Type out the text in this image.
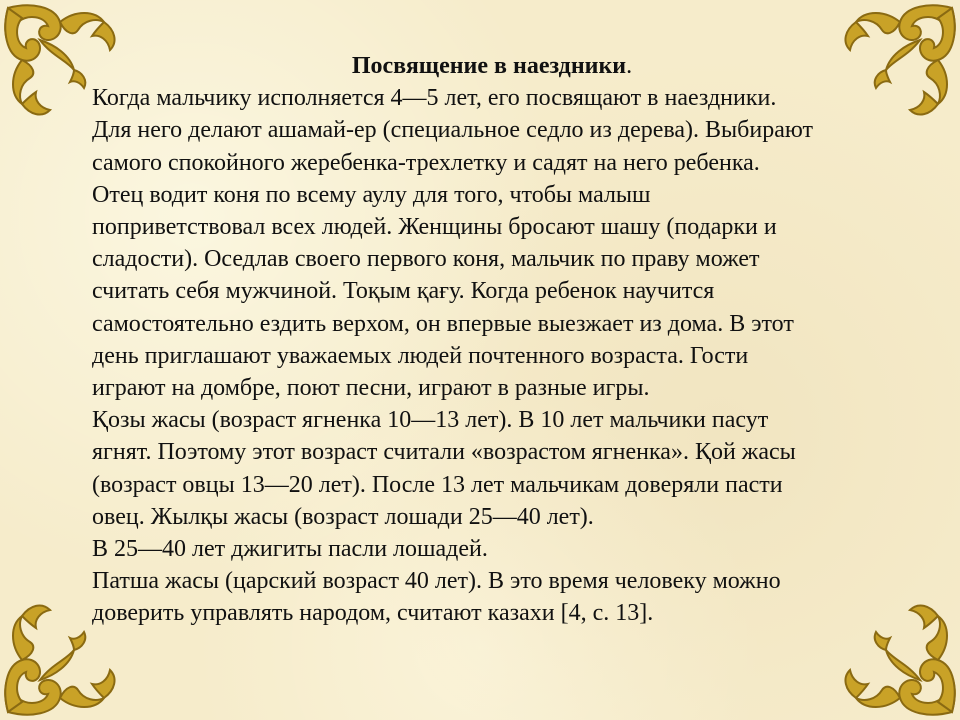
Посвящение в наездники.

Когда мальчику исполняется 4—5 лет, его посвящают в наездники.
Для него делают ашамай-ер (специальное седло из дерева). Выбирают
самого спокойного жеребенка-трехлетку и садят на него ребенка.
Отец водит коня по всему аулу для того, чтобы малыш
поприветствовал всех людей. Женщины бросают шашу (подарки и
сладости). Оседлав своего первого коня, мальчик по праву может
считать себя мужчиной. Тоқым қағу. Когда ребенок научится
самостоятельно ездить верхом, он впервые выезжает из дома. В этот
день приглашают уважаемых людей почтенного возраста. Гости
играют на домбре, поют песни, играют в разные игры.
Қозы жасы (возраст ягненка 10—13 лет). В 10 лет мальчики пасут
ягнят. Поэтому этот возраст считали «возрастом ягненка». Қой жасы
(возраст овцы 13—20 лет). После 13 лет мальчикам доверяли пасти
овец. Жылқы жасы (возраст лошади 25—40 лет).
В 25—40 лет джигиты пасли лошадей.
Патша жасы (царский возраст 40 лет). В это время человеку можно
доверить управлять народом, считают казахи [4, с. 13].
